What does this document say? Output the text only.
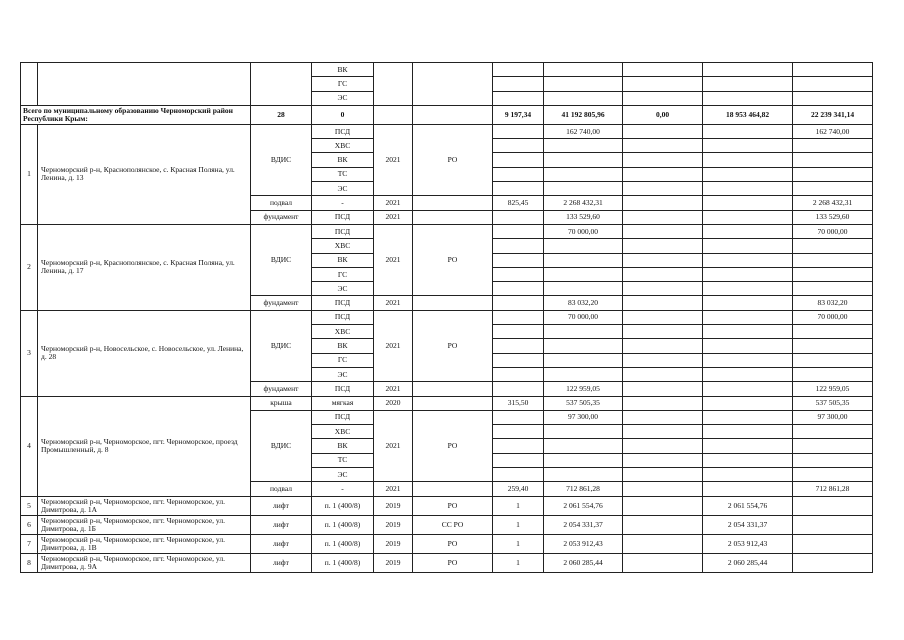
			ВК							
			ГС							
			ЭС							
Всего по муниципальному образованию Черноморский район Республики Крым:		28	0			9 197,34	41 192 805,96	0,00	18 953 464,82	22 239 341,14
1	Черноморский р-н, Краснополянское, с. Красная Поляна, ул. Ленина, д. 13	ВДИС	ПСД	2021	РО		162 740,00			162 740,00
			ХВС							
			ВК							
			ТС							
			ЭС							
		подвал	-	2021		825,45	2 268 432,31			2 268 432,31
		фундамент	ПСД	2021			133 529,60			133 529,60
2	Черноморский р-н, Краснополянское, с. Красная Поляна, ул. Ленина, д. 17	ВДИС	ПСД	2021	РО		70 000,00			70 000,00
			ХВС							
			ВК							
			ГС							
			ЭС							
		фундамент	ПСД	2021			83 032,20			83 032,20
3	Черноморский р-н, Новосельское, с. Новосельское, ул. Ленина, д. 28	ВДИС	ПСД	2021	РО		70 000,00			70 000,00
			ХВС							
			ВК							
			ГС							
			ЭС							
		фундамент	ПСД	2021			122 959,05			122 959,05
4	Черноморский р-н, Черноморское, пгт. Черноморское, проезд Промышленный, д. 8	крыша	мягкая	2020		315,50	537 505,35			537 505,35
		ВДИС	ПСД	2021	РО		97 300,00			97 300,00
			ХВС							
			ВК							
			ТС							
			ЭС							
		подвал	-	2021		259,40	712 861,28			712 861,28
5	Черноморский р-н, Черноморское, пгт. Черноморское, ул. Димитрова, д. 1А	лифт	п. 1 (400/8)	2019	РО	1	2 061 554,76		2 061 554,76	
6	Черноморский р-н, Черноморское, пгт. Черноморское, ул. Димитрова, д. 1Б	лифт	п. 1 (400/8)	2019	СС РО	1	2 054 331,37		2 054 331,37	
7	Черноморский р-н, Черноморское, пгт. Черноморское, ул. Димитрова, д. 1В	лифт	п. 1 (400/8)	2019	РО	1	2 053 912,43		2 053 912,43	
8	Черноморский р-н, Черноморское, пгт. Черноморское, ул. Димитрова, д. 9А	лифт	п. 1 (400/8)	2019	РО	1	2 060 285,44		2 060 285,44	
